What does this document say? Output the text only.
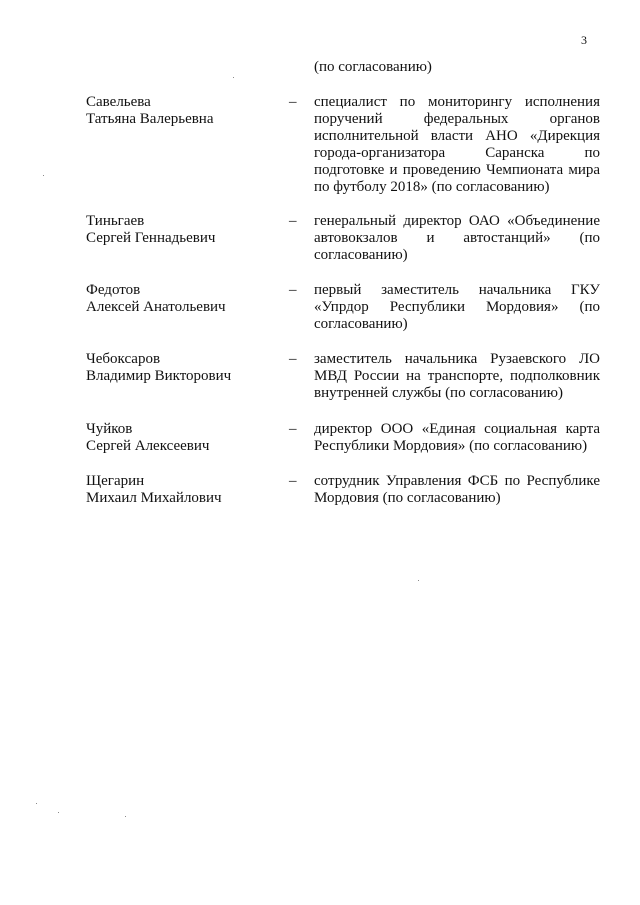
3
(по согласованию)
Савельева
Татьяна Валерьевна
– специалист по мониторингу исполнения
поручений федеральных органов
исполнительной власти АНО «Дирекция
города-организатора Саранска по
подготовке и проведению Чемпионата мира
по футболу 2018» (по согласованию)
Тиньгаев
Сергей Геннадьевич
– генеральный директор ОАО «Объединение
автовокзалов и автостанций» (по
согласованию)
Федотов
Алексей Анатольевич
– первый заместитель начальника ГКУ
«Упрдор Республики Мордовия» (по
согласованию)
Чебоксаров
Владимир Викторович
– заместитель начальника Рузаевского ЛО
МВД России на транспорте, подполковник
внутренней службы (по согласованию)
Чуйков
Сергей Алексеевич
– директор ООО «Единая социальная карта
Республики Мордовия» (по согласованию)
Щегарин
Михаил Михайлович
– сотрудник Управления ФСБ по Республике
Мордовия (по согласованию)
